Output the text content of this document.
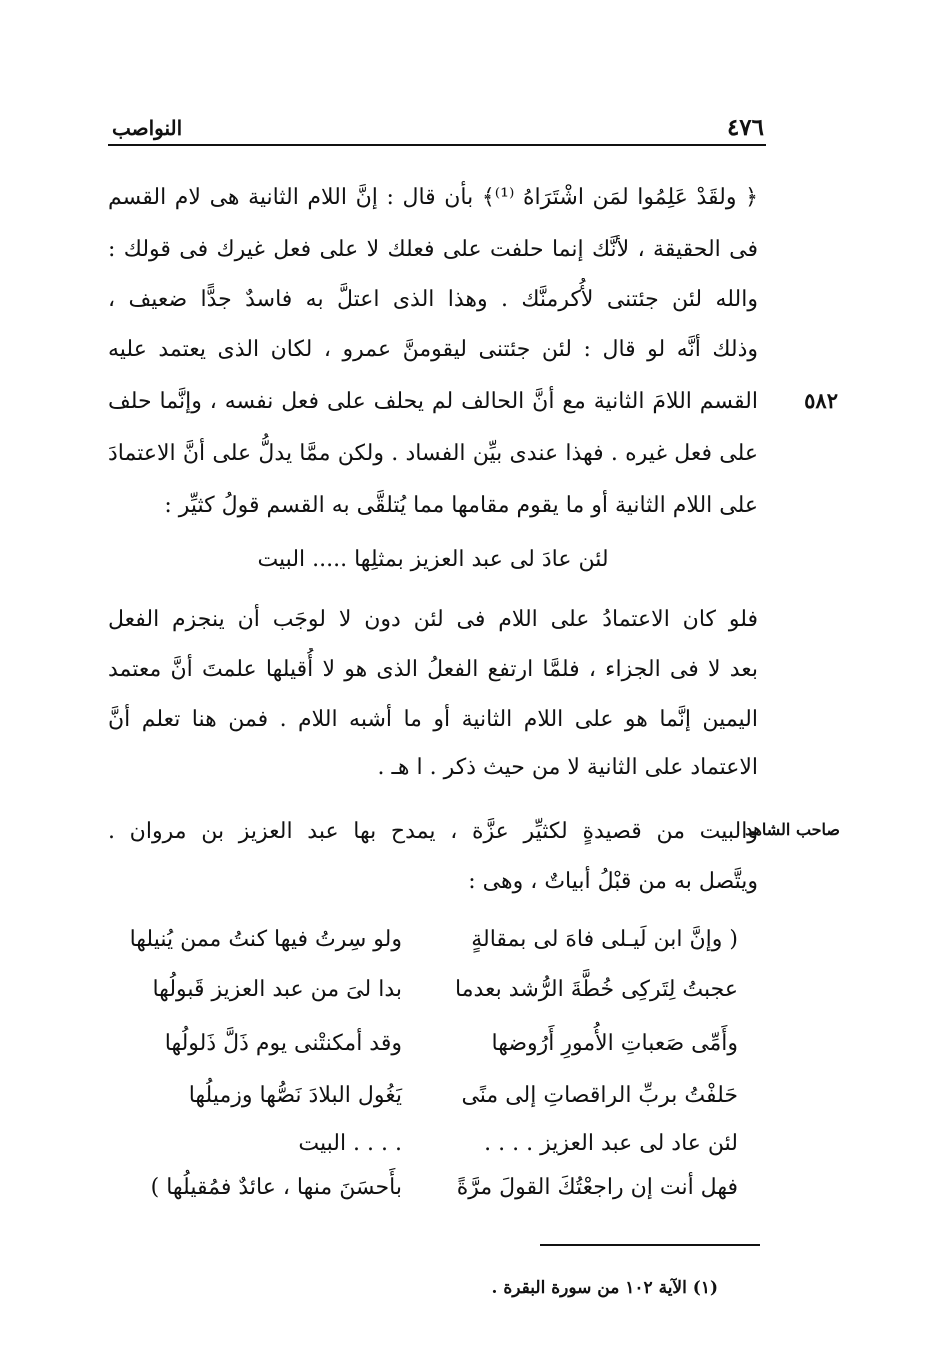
٤٧٦
النواصب
﴿ ولقَدْ عَلِمُوا لمَن اشْتَرَاهُ ⁽¹⁾﴾ بأن قال : إنَّ اللام الثانية هى لام القسم
فى الحقيقة ، لأنَّك إنما حلفت على فعلك لا على فعل غيرك فى قولك :
والله لئن جئتنى لأُكرمنَّك . وهذا الذى اعتلَّ به فاسدٌ جدًّا ضعيف ،
وذلك أنَّه لو قال : لئن جئتنى ليقومنَّ عمرو ، لكان الذى يعتمد عليه
القسم اللامَ الثانية مع أنَّ الحالف لم يحلف على فعل نفسه ، وإنَّما حلف
على فعل غيره . فهذا عندى بيِّن الفساد . ولكن ممَّا يدلُّ على أنَّ الاعتمادَ
على اللام الثانية أو ما يقوم مقامها مما يُتلقَّى به القسم قولُ كثيِّر :
٥٨٢
لئن عادَ لى عبد العزيز بمثلِها ..... البيت
فلو كان الاعتمادُ على اللام فى لئن دون لا لوجَب أن ينجزم الفعل
بعد لا فى الجزاء ، فلمَّا ارتفع الفعلُ الذى هو لا أُقيلها علمتَ أنَّ معتمد
اليمين إنَّما هو على اللام الثانية أو ما أشبه اللام . فمن هنا تعلم أنَّ
الاعتماد على الثانية لا من حيث ذكر . ا هـ .
صاحب الشاهد
والبيت من قصيدةٍ لكثيِّر عزَّة ، يمدح بها عبد العزيز بن مروان .
ويتَّصل به من قبْلُ أبياتٌ ، وهى :
( وإنَّ ابن لَيـلى فاهَ لى بمقالةٍ
ولو سِرتُ فيها كنتُ ممن يُنيلها
عجبتُ لِتَركِى خُطَّةَ الرُّشد بعدما
بدا لىَ من عبد العزيز قَبولُها
وأَمِّى صَعباتِ الأُمورِ أَرُوضها
وقد أمكنتْنى يوم ذَلَّ ذَلولُها
حَلفْتُ بربِّ الراقصاتِ إلى منًى
يَغُول البلادَ نَصُّها وزميلُها
لئن عاد لى عبد العزيز . . . .
. . . . البيت
فهل أنت إن راجعْتُكَ القولَ مرَّةً
بأَحسَنَ منها ، عائدٌ فمُقيلُها )
(١) الآية ١٠٢ من سورة البقرة .
